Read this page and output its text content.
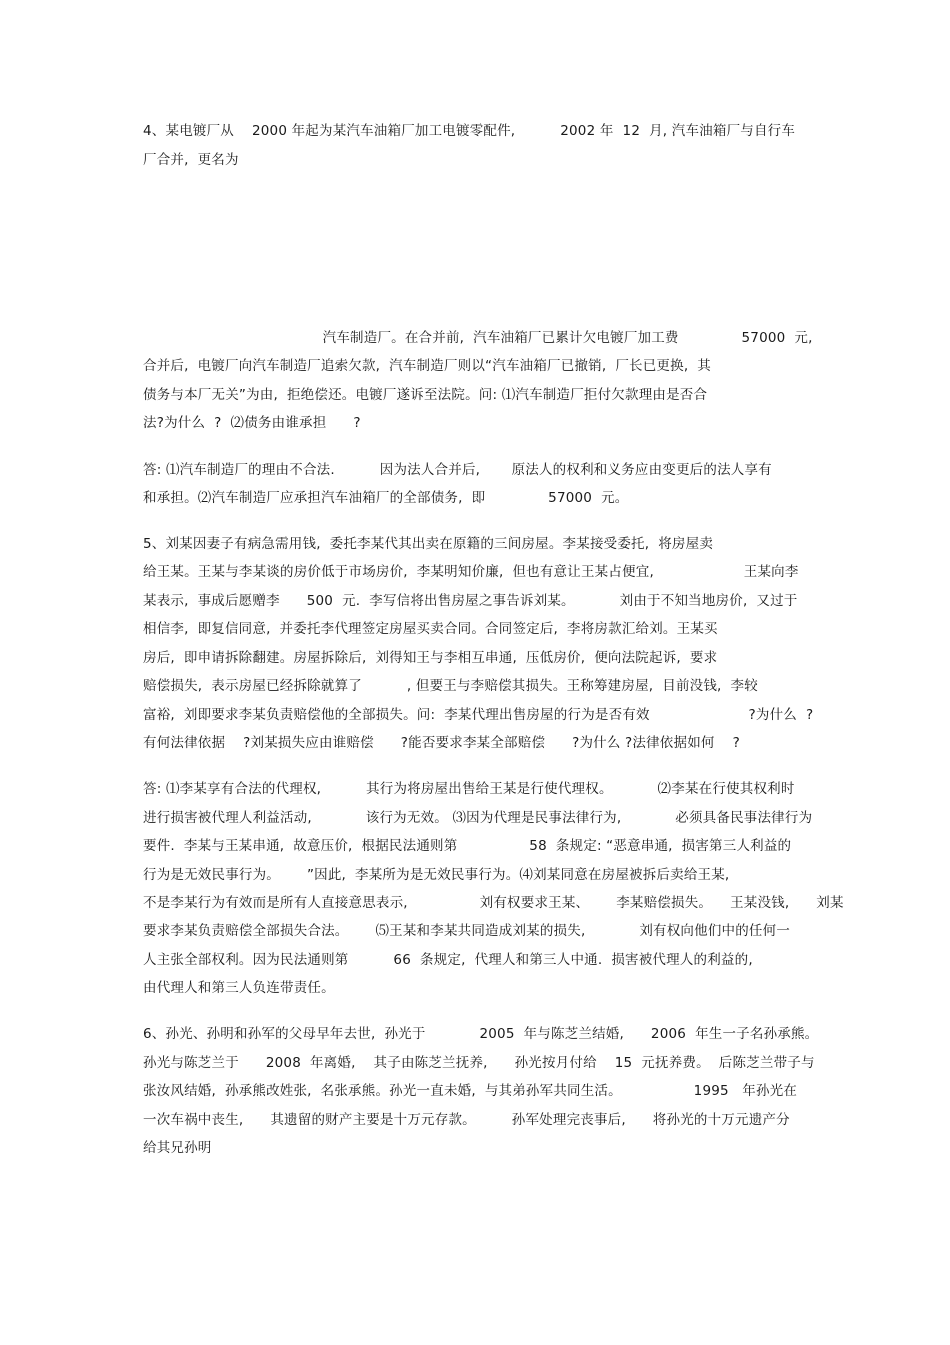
4、某电镀厂从    2000 年起为某汽车油箱厂加工电镀零配件,          2002 年  12  月, 汽车油箱厂与自行车

厂合并,  更名为

汽车制造厂。在合并前,  汽车油箱厂已累计欠电镀厂加工费              57000  元,

合并后,  电镀厂向汽车制造厂追索欠款,  汽车制造厂则以“汽车油箱厂已撤销,  厂长已更换,  其

债务与本厂无关”为由,  拒绝偿还。电镀厂遂诉至法院。问: ⑴汽车制造厂拒付欠款理由是否合

法?为什么  ?  ⑵债务由谁承担      ?

答: ⑴汽车制造厂的理由不合法.          因为法人合并后,       原法人的权利和义务应由变更后的法人享有

和承担。⑵汽车制造厂应承担汽车油箱厂的全部债务,  即              57000  元。

5、刘某因妻子有病急需用钱,  委托李某代其出卖在原籍的三间房屋。李某接受委托,  将房屋卖

给王某。王某与李某谈的房价低于市场房价,  李某明知价廉,  但也有意让王某占便宜,                    王某向李

某表示,  事成后愿赠李      500  元.  李写信将出售房屋之事告诉刘某。          刘由于不知当地房价,  又过于

相信李,  即复信同意,  并委托李代理签定房屋买卖合同。合同签定后,  李将房款汇给刘。王某买

房后,  即申请拆除翻建。房屋拆除后,  刘得知王与李相互串通,  压低房价,  便向法院起诉,  要求

赔偿损失,  表示房屋已经拆除就算了          , 但要王与李赔偿其损失。王称筹建房屋,  目前没钱,  李较

富裕,  刘即要求李某负责赔偿他的全部损失。问:  李某代理出售房屋的行为是否有效                      ?为什么  ?

有何法律依据    ?刘某损失应由谁赔偿      ?能否要求李某全部赔偿      ?为什么 ?法律依据如何    ?

答: ⑴李某享有合法的代理权,          其行为将房屋出售给王某是行使代理权。          ⑵李某在行使其权利时

进行损害被代理人利益活动,            该行为无效。 ⑶因为代理是民事法律行为,            必须具备民事法律行为

要件.  李某与王某串通,  故意压价,  根据民法通则第                58  条规定: “恶意串通,  损害第三人利益的

行为是无效民事行为。      ”因此,  李某所为是无效民事行为。⑷刘某同意在房屋被拆后卖给王某,

不是李某行为有效而是所有人直接意思表示,                刘有权要求王某、      李某赔偿损失。    王某没钱,      刘某

要求李某负责赔偿全部损失合法。      ⑸王某和李某共同造成刘某的损失,            刘有权向他们中的任何一

人主张全部权利。因为民法通则第          66  条规定,  代理人和第三人中通.  损害被代理人的利益的,

由代理人和第三人负连带责任。

6、孙光、孙明和孙军的父母早年去世,  孙光于            2005  年与陈芝兰结婚,      2006  年生一子名孙承熊。

孙光与陈芝兰于      2008  年离婚,    其子由陈芝兰抚养,      孙光按月付给    15  元抚养费。  后陈芝兰带子与

张汝风结婚,  孙承熊改姓张,  名张承熊。孙光一直未婚,  与其弟孙军共同生活。                1995   年孙光在

一次车祸中丧生,      其遗留的财产主要是十万元存款。        孙军处理完丧事后,      将孙光的十万元遗产分

给其兄孙明
